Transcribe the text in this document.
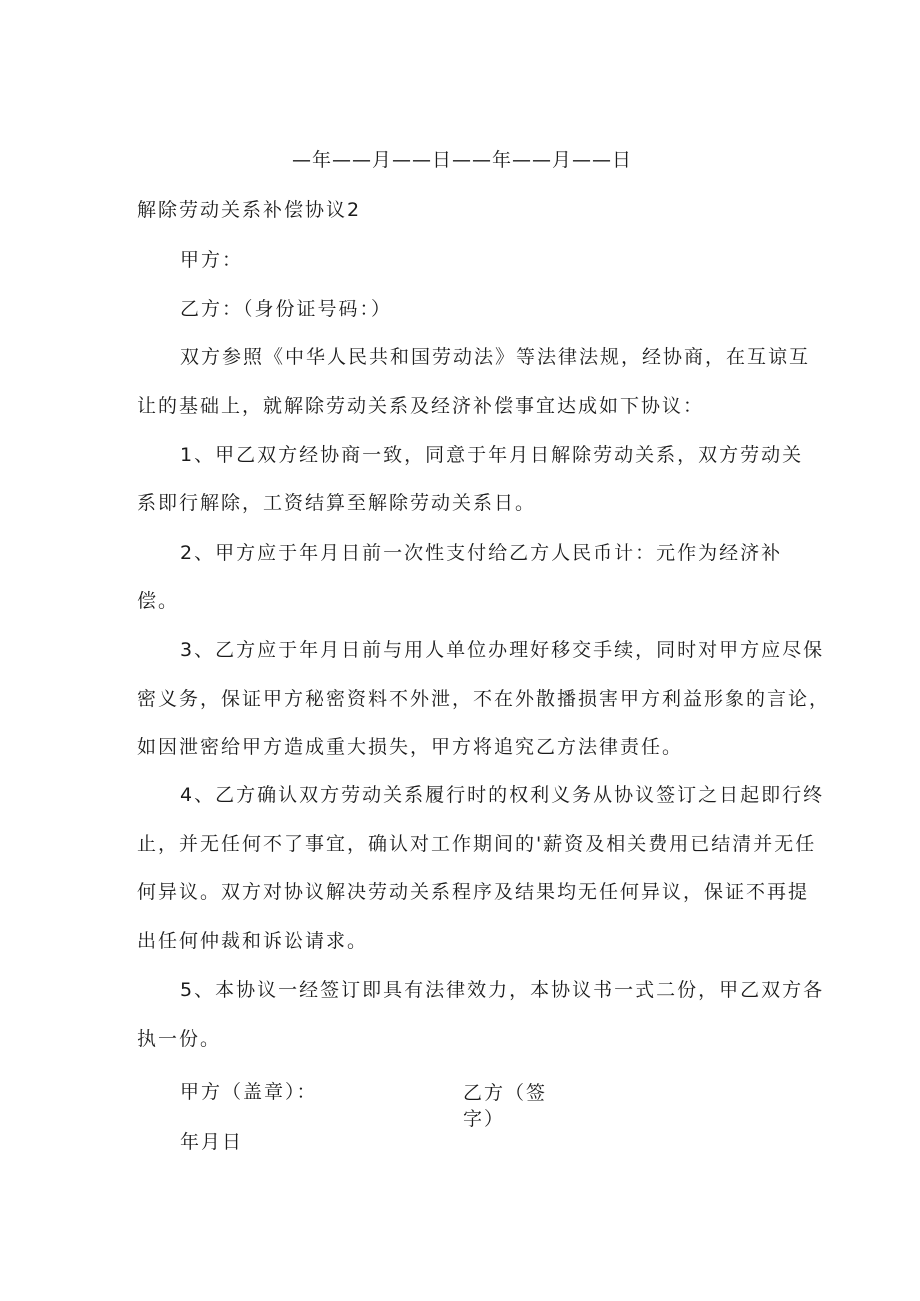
—年——月——日——年——月——日
解除劳动关系补偿协议2
甲方：
乙方：（身份证号码：）
双方参照《中华人民共和国劳动法》等法律法规，经协商，在互谅互
让的基础上，就解除劳动关系及经济补偿事宜达成如下协议：
1、甲乙双方经协商一致，同意于年月日解除劳动关系，双方劳动关
系即行解除，工资结算至解除劳动关系日。
2、甲方应于年月日前一次性支付给乙方人民币计：元作为经济补
偿。
3、乙方应于年月日前与用人单位办理好移交手续，同时对甲方应尽保
密义务，保证甲方秘密资料不外泄，不在外散播损害甲方利益形象的言论，
如因泄密给甲方造成重大损失，甲方将追究乙方法律责任。
4、乙方确认双方劳动关系履行时的权利义务从协议签订之日起即行终
止，并无任何不了事宜，确认对工作期间的'薪资及相关费用已结清并无任
何异议。双方对协议解决劳动关系程序及结果均无任何异议，保证不再提
出任何仲裁和诉讼请求。
5、本协议一经签订即具有法律效力，本协议书一式二份，甲乙双方各
执一份。
甲方（盖章）：	乙方（签
字）
年月日
